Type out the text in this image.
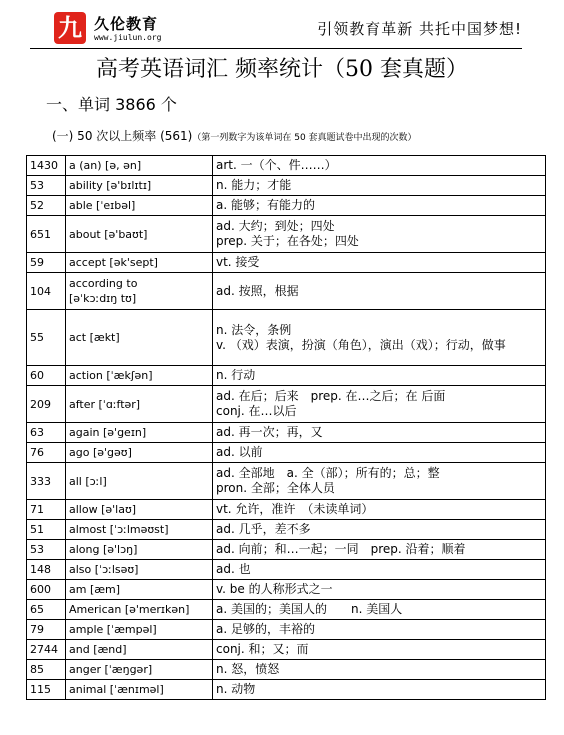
九 久伦教育
www.jiulun.org	引领教育革新 共托中国梦想!
高考英语词汇 频率统计（50 套真题）
一、单词 3866 个
(一) 50 次以上频率 (561)（第一列数字为该单词在 50 套真题试卷中出现的次数）
1430	a (an) [ə, ən]	art. 一（个、件……）
53	ability [ə'bɪlɪtɪ]	n. 能力；才能
52	able [ˈeɪbəl]	a. 能够；有能力的
651	about [ə'baʊt]	ad. 大约；到处；四处
prep. 关于；在各处；四处
59	accept [ək'sept]	vt. 接受
104	according to
[əˈkɔːdɪŋ tʊ]	ad. 按照，根据
55	act [ækt]	n. 法令，条例
v. （戏）表演，扮演（角色），演出（戏）；行动，做事
60	action [ˈækʃən]	n. 行动
209	after [ˈɑːftər]	ad. 在后；后来　prep. 在…之后；在 后面
conj. 在…以后
63	again [ə'geɪn]	ad. 再一次；再，又
76	ago [ə'gəʊ]	ad. 以前
333	all [ɔːl]	ad. 全部地　a. 全（部）；所有的；总；整
pron. 全部；全体人员
71	allow [ə'laʊ]	vt. 允许，准许　（未读单词）
51	almost [ˈɔːlməʊst]	ad. 几乎，差不多
53	along [ə'lɔŋ]	ad. 向前；和…一起；一同　prep. 沿着；顺着
148	also [ˈɔːlsəʊ]	ad. 也
600	am [æm]	v. be 的人称形式之一
65	American [ə'merɪkən]	a. 美国的；美国人的　　n. 美国人
79	ample [ˈæmpəl]	a. 足够的，丰裕的
2744	and [ænd]	conj. 和；又；而
85	anger [ˈæŋgər]	n. 怒，愤怒
115	animal [ˈænɪməl]	n. 动物
